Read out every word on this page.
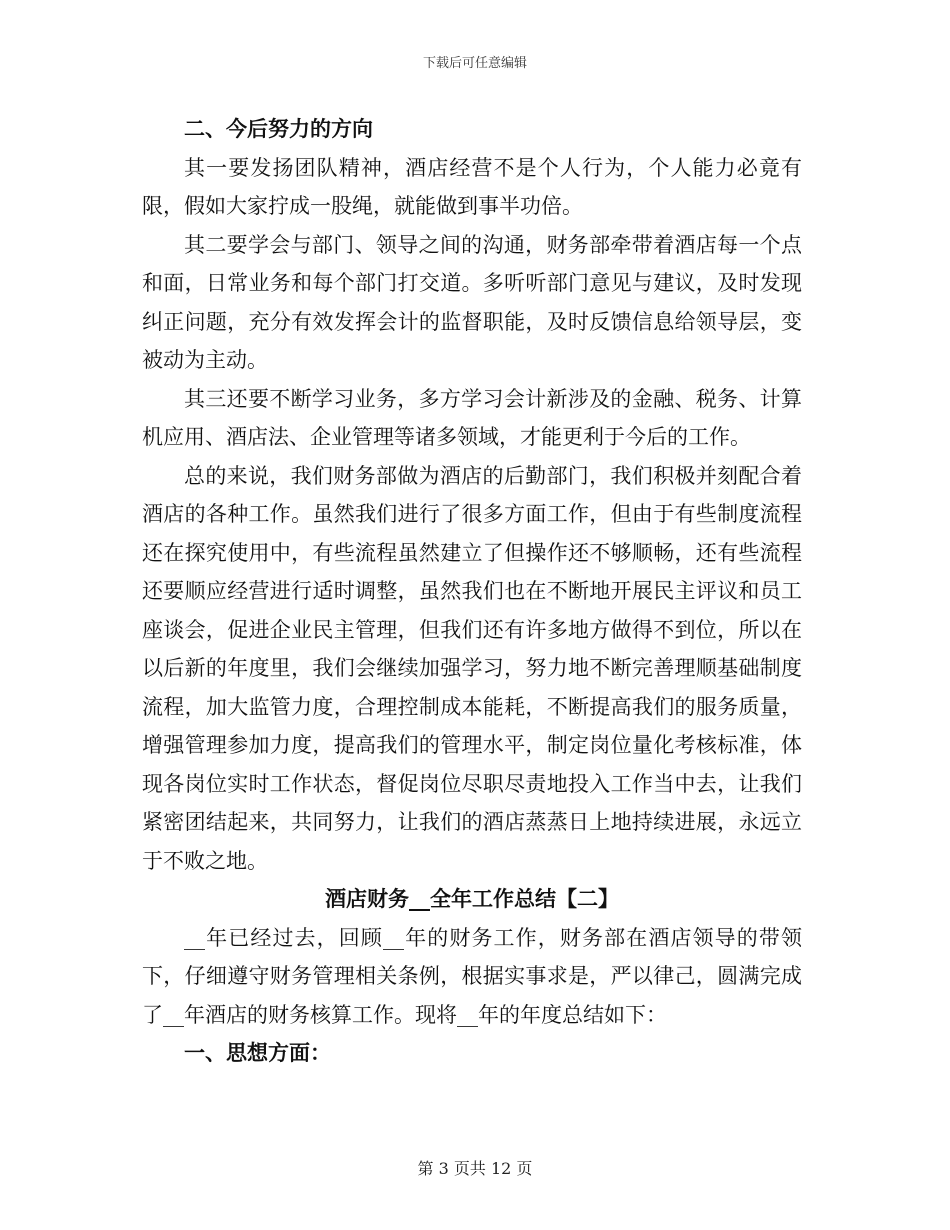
下载后可任意编辑

二、今后努力的方向

其一要发扬团队精神，酒店经营不是个人行为，个人能力必竟有限，假如大家拧成一股绳，就能做到事半功倍。

其二要学会与部门、领导之间的沟通，财务部牵带着酒店每一个点和面，日常业务和每个部门打交道。多听听部门意见与建议，及时发现纠正问题，充分有效发挥会计的监督职能，及时反馈信息给领导层，变被动为主动。

其三还要不断学习业务，多方学习会计新涉及的金融、税务、计算机应用、酒店法、企业管理等诸多领域，才能更利于今后的工作。

总的来说，我们财务部做为酒店的后勤部门，我们积极并刻配合着酒店的各种工作。虽然我们进行了很多方面工作，但由于有些制度流程还在探究使用中，有些流程虽然建立了但操作还不够顺畅，还有些流程还要顺应经营进行适时调整，虽然我们也在不断地开展民主评议和员工座谈会，促进企业民主管理，但我们还有许多地方做得不到位，所以在以后新的年度里，我们会继续加强学习，努力地不断完善理顺基础制度流程，加大监管力度，合理控制成本能耗，不断提高我们的服务质量，增强管理参加力度，提高我们的管理水平，制定岗位量化考核标准，体现各岗位实时工作状态，督促岗位尽职尽责地投入工作当中去，让我们紧密团结起来，共同努力，让我们的酒店蒸蒸日上地持续进展，永远立于不败之地。

酒店财务__全年工作总结【二】

__年已经过去，回顾__年的财务工作，财务部在酒店领导的带领下，仔细遵守财务管理相关条例，根据实事求是，严以律己，圆满完成了__年酒店的财务核算工作。现将__年的年度总结如下：

一、思想方面：

第 3 页共 12 页
